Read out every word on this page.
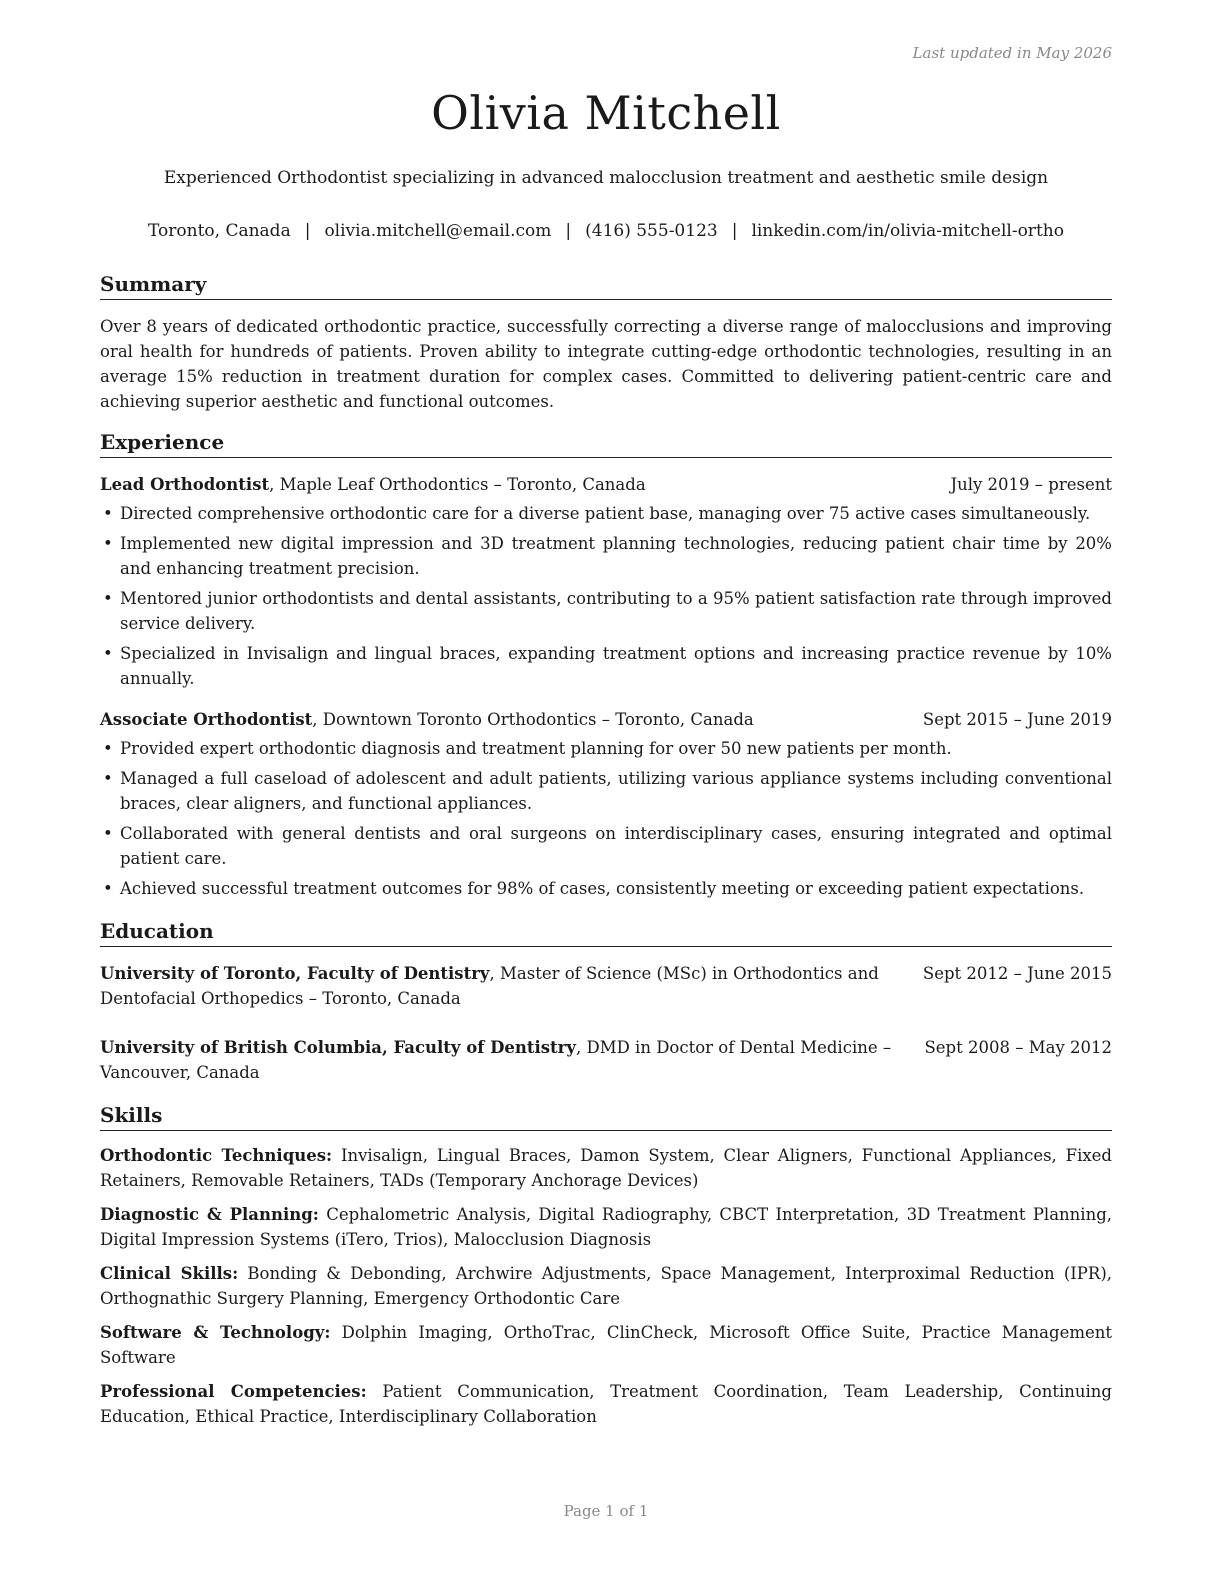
Last updated in May 2026
Olivia Mitchell
Experienced Orthodontist specializing in advanced malocclusion treatment and aesthetic smile design
Toronto, Canada | olivia.mitchell@email.com | (416) 555-0123 | linkedin.com/in/olivia-mitchell-ortho
Summary

Over 8 years of dedicated orthodontic practice, successfully correcting a diverse range of malocclusions and improving oral health for hundreds of patients. Proven ability to integrate cutting-edge orthodontic technologies, resulting in an average 15% reduction in treatment duration for complex cases. Committed to delivering patient-centric care and achieving superior aesthetic and functional outcomes.

Experience
Lead Orthodontist, Maple Leaf Orthodontics – Toronto, Canada	July 2019 – present
• Directed comprehensive orthodontic care for a diverse patient base, managing over 75 active cases simultaneously.
• Implemented new digital impression and 3D treatment planning technologies, reducing patient chair time by 20% and enhancing treatment precision.
• Mentored junior orthodontists and dental assistants, contributing to a 95% patient satisfaction rate through improved service delivery.
• Specialized in Invisalign and lingual braces, expanding treatment options and increasing practice revenue by 10% annually.
Associate Orthodontist, Downtown Toronto Orthodontics – Toronto, Canada	Sept 2015 – June 2019
• Provided expert orthodontic diagnosis and treatment planning for over 50 new patients per month.
• Managed a full caseload of adolescent and adult patients, utilizing various appliance systems including conventional braces, clear aligners, and functional appliances.
• Collaborated with general dentists and oral surgeons on interdisciplinary cases, ensuring integrated and optimal patient care.
• Achieved successful treatment outcomes for 98% of cases, consistently meeting or exceeding patient expectations.
Education
University of Toronto, Faculty of Dentistry, Master of Science (MSc) in Orthodontics and Dentofacial Orthopedics – Toronto, Canada
Sept 2012 – June 2015
University of British Columbia, Faculty of Dentistry, DMD in Doctor of Dental Medicine – Vancouver, Canada
Sept 2008 – May 2012
Skills

Orthodontic Techniques: Invisalign, Lingual Braces, Damon System, Clear Aligners, Functional Appliances, Fixed Retainers, Removable Retainers, TADs (Temporary Anchorage Devices)

Diagnostic & Planning: Cephalometric Analysis, Digital Radiography, CBCT Interpretation, 3D Treatment Planning, Digital Impression Systems (iTero, Trios), Malocclusion Diagnosis

Clinical Skills: Bonding & Debonding, Archwire Adjustments, Space Management, Interproximal Reduction (IPR), Orthognathic Surgery Planning, Emergency Orthodontic Care

Software & Technology: Dolphin Imaging, OrthoTrac, ClinCheck, Microsoft Office Suite, Practice Management Software

Professional Competencies: Patient Communication, Treatment Coordination, Team Leadership, Continuing Education, Ethical Practice, Interdisciplinary Collaboration

Page 1 of 1
